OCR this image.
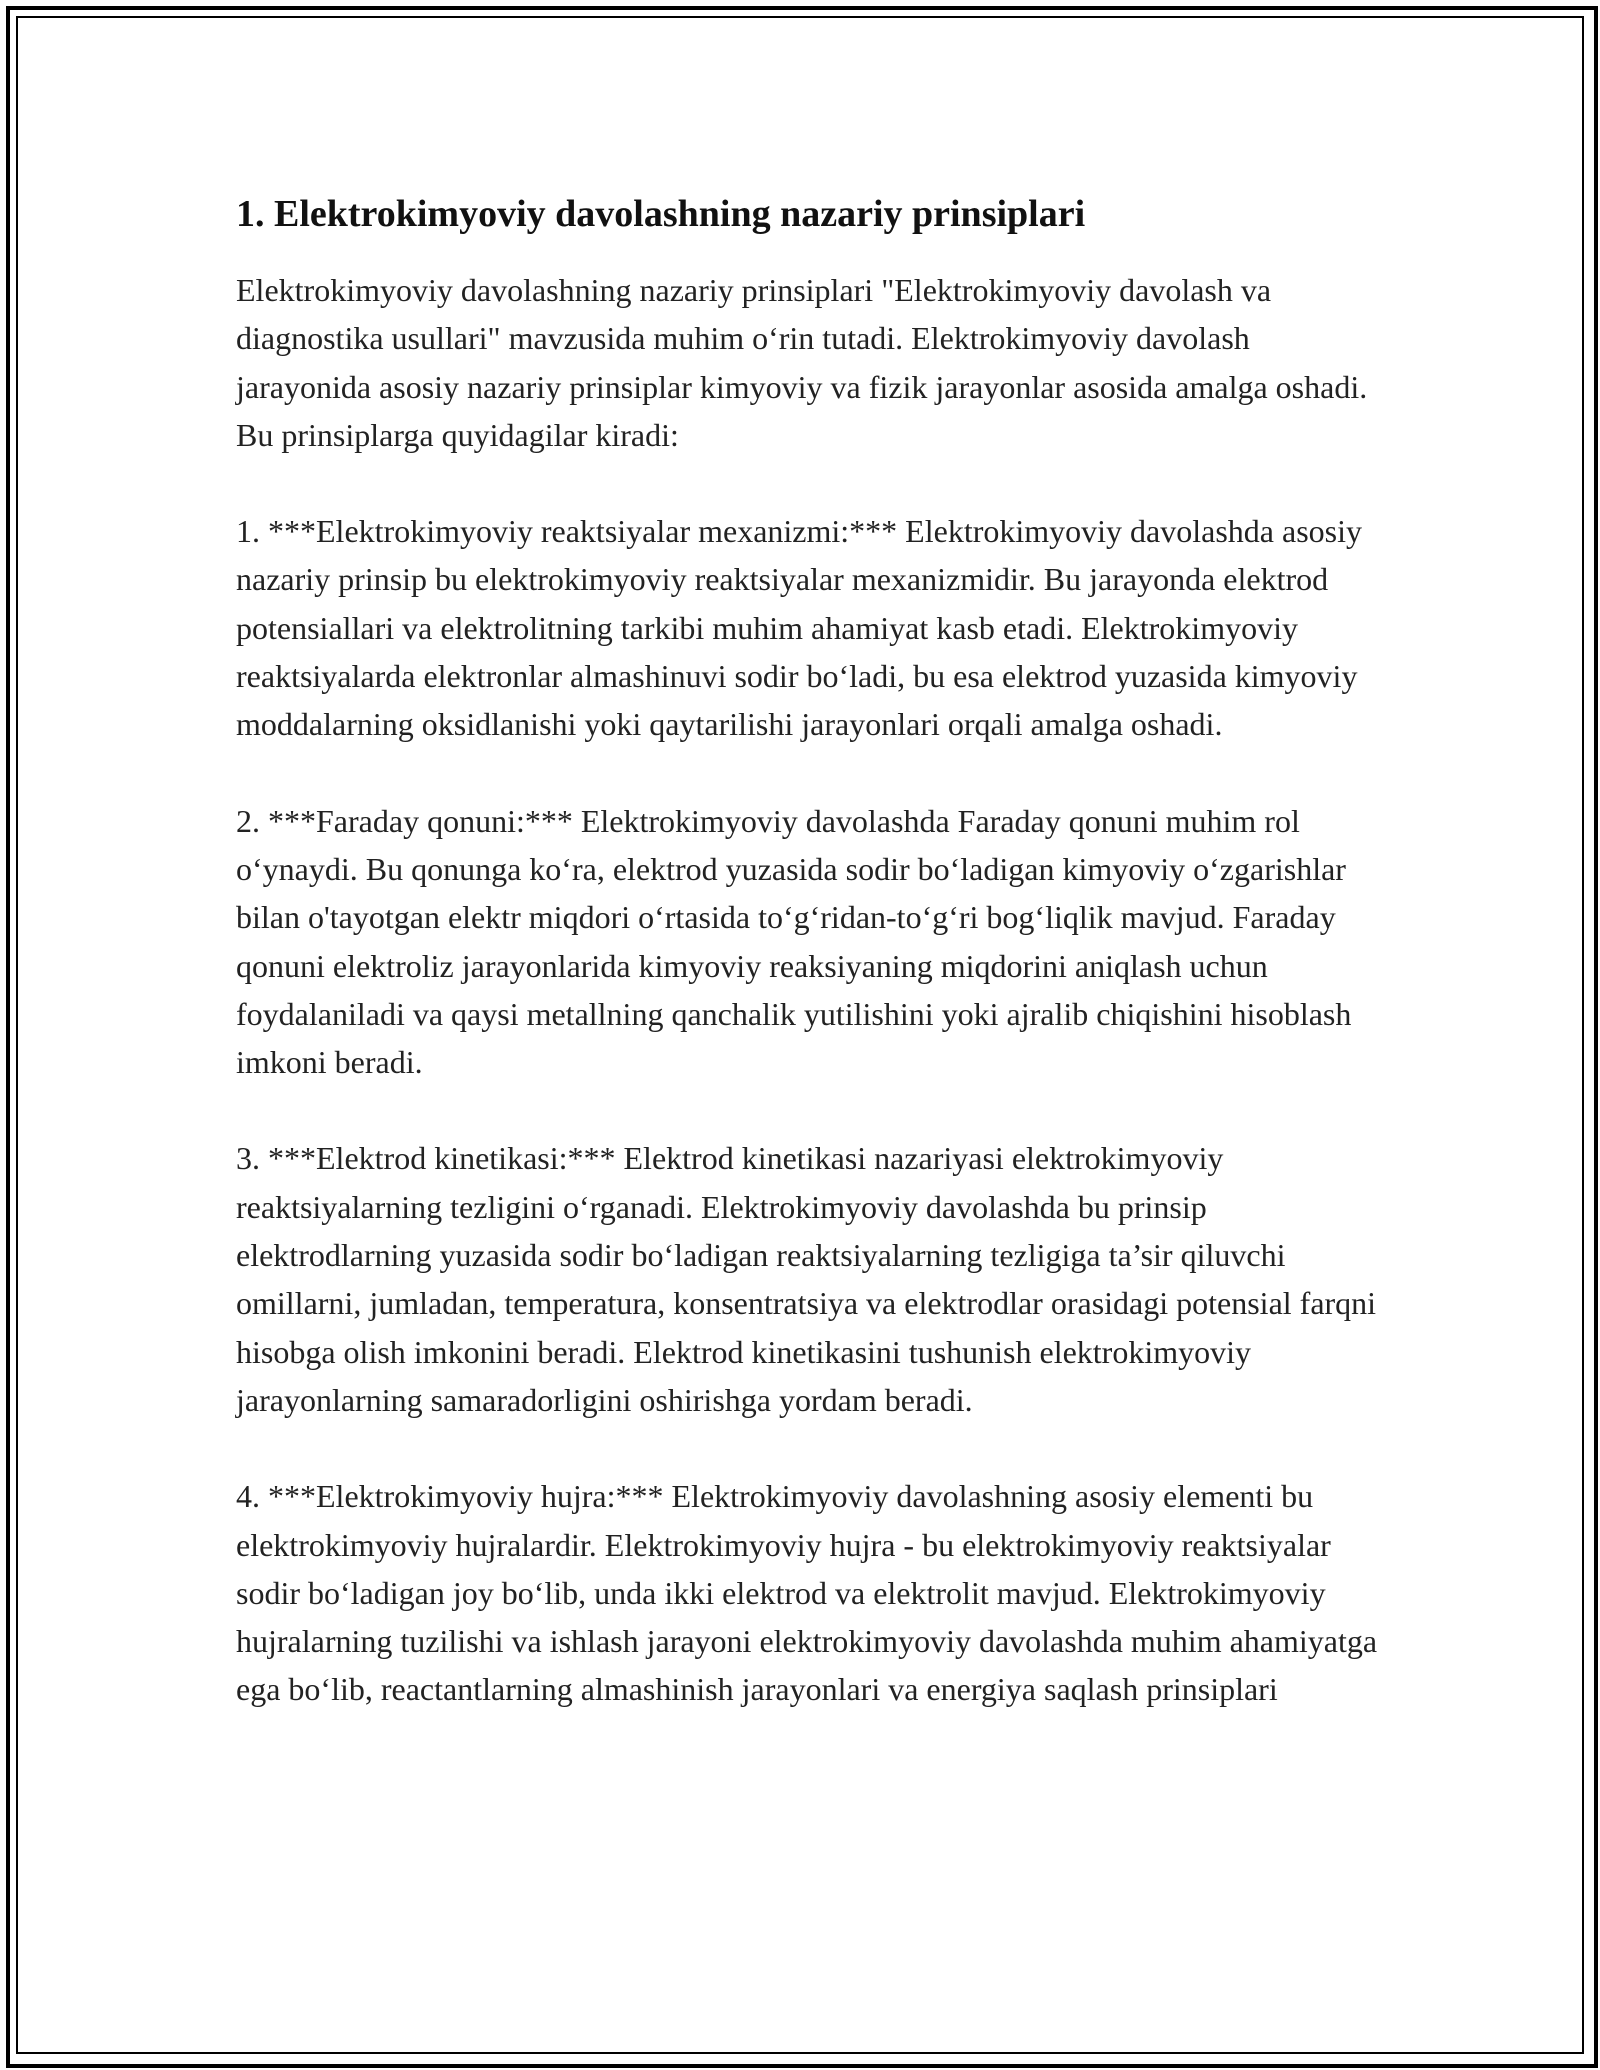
1. Elektrokimyoviy davolashning nazariy prinsiplari

Elektrokimyoviy davolashning nazariy prinsiplari "Elektrokimyoviy davolash va diagnostika usullari" mavzusida muhim o‘rin tutadi. Elektrokimyoviy davolash jarayonida asosiy nazariy prinsiplar kimyoviy va fizik jarayonlar asosida amalga oshadi. Bu prinsiplarga quyidagilar kiradi:

1. ***Elektrokimyoviy reaktsiyalar mexanizmi:*** Elektrokimyoviy davolashda asosiy nazariy prinsip bu elektrokimyoviy reaktsiyalar mexanizmidir. Bu jarayonda elektrod potensiallari va elektrolitning tarkibi muhim ahamiyat kasb etadi. Elektrokimyoviy reaktsiyalarda elektronlar almashinuvi sodir bo‘ladi, bu esa elektrod yuzasida kimyoviy moddalarning oksidlanishi yoki qaytarilishi jarayonlari orqali amalga oshadi.

2. ***Faraday qonuni:*** Elektrokimyoviy davolashda Faraday qonuni muhim rol o‘ynaydi. Bu qonunga ko‘ra, elektrod yuzasida sodir bo‘ladigan kimyoviy o‘zgarishlar bilan o'tayotgan elektr miqdori o‘rtasida to‘g‘ridan-to‘g‘ri bog‘liqlik mavjud. Faraday qonuni elektroliz jarayonlarida kimyoviy reaksiyaning miqdorini aniqlash uchun foydalaniladi va qaysi metallning qanchalik yutilishini yoki ajralib chiqishini hisoblash imkoni beradi.

3. ***Elektrod kinetikasi:*** Elektrod kinetikasi nazariyasi elektrokimyoviy reaktsiyalarning tezligini o‘rganadi. Elektrokimyoviy davolashda bu prinsip elektrodlarning yuzasida sodir bo‘ladigan reaktsiyalarning tezligiga ta’sir qiluvchi omillarni, jumladan, temperatura, konsentratsiya va elektrodlar orasidagi potensial farqni hisobga olish imkonini beradi. Elektrod kinetikasini tushunish elektrokimyoviy jarayonlarning samaradorligini oshirishga yordam beradi.

4. ***Elektrokimyoviy hujra:*** Elektrokimyoviy davolashning asosiy elementi bu elektrokimyoviy hujralardir. Elektrokimyoviy hujra - bu elektrokimyoviy reaktsiyalar sodir bo‘ladigan joy bo‘lib, unda ikki elektrod va elektrolit mavjud. Elektrokimyoviy hujralarning tuzilishi va ishlash jarayoni elektrokimyoviy davolashda muhim ahamiyatga ega bo‘lib, reactantlarning almashinish jarayonlari va energiya saqlash prinsiplari
